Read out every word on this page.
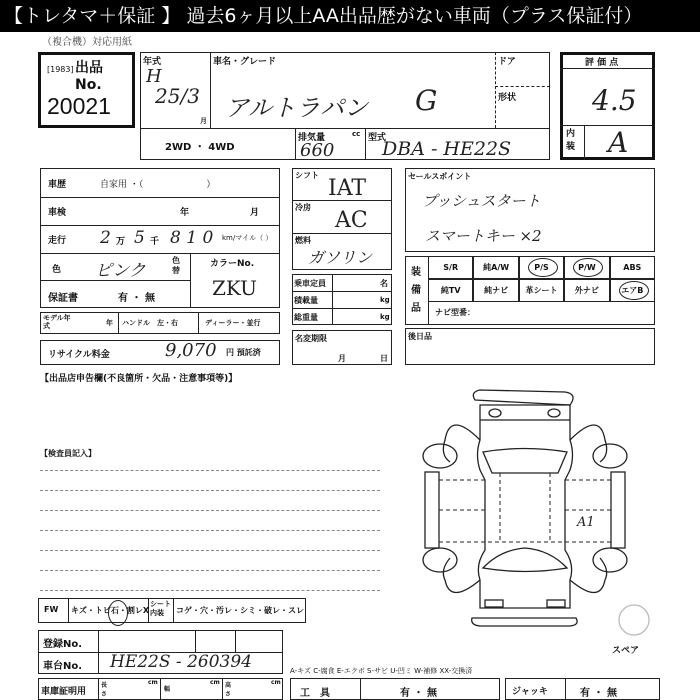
【トレタマ＋保証 】 過去6ヶ月以上AA出品歴がない車両（プラス保証付）
（複合機）対応用紙
[1983] 出品 No.
20021
年式
H
25/3
月
車名・グレード
アルトラパン G
ドア
形状
2WD ・ 4WD
排気量	cc
660
型式
DBA - HE22S
評 価 点
4.5
内装 A
車歴	自家用 ・（　　　　　　　）
車検	年	月
走行 2 万 5 千 8 1 0 km/マイル（ ）
色 ピンク
色替
カラーNo.
ZKU
保証書	有 ・ 無
モデル年式	年 ハンドル　左・右	ディーラー・並行
リサイクル料金	9,070 円 預託済
【出品店申告欄(不良箇所・欠品・注意事項等)】
シフト
IAT
冷房
AC
燃料
ガソリン
乗車定員	名
積載量	kg
総重量	kg
名変期限
月	日
セールスポイント
プッシュスタート
スマートキー ×2
装備品
S/R	純A/W	P/S	P/W	ABS
純TV	純ナビ 革シート 外ナビ	エアB
ナビ型番：
後日品
【検査員記入】
A1
スペア
FW キズ・トビ石・割レX
シート内装	コゲ・穴・汚レ・シミ・破レ・スレ
登録No.
車台No. HE22S - 260394
車庫証明用
長さ
cm
幅
cm 高さ
cm
A-キズ C-腐食 E-エクボ S-サビ U-凹ミ W-補修 XX-交換済
工　具	有 ・ 無	ジャッキ	有 ・ 無
